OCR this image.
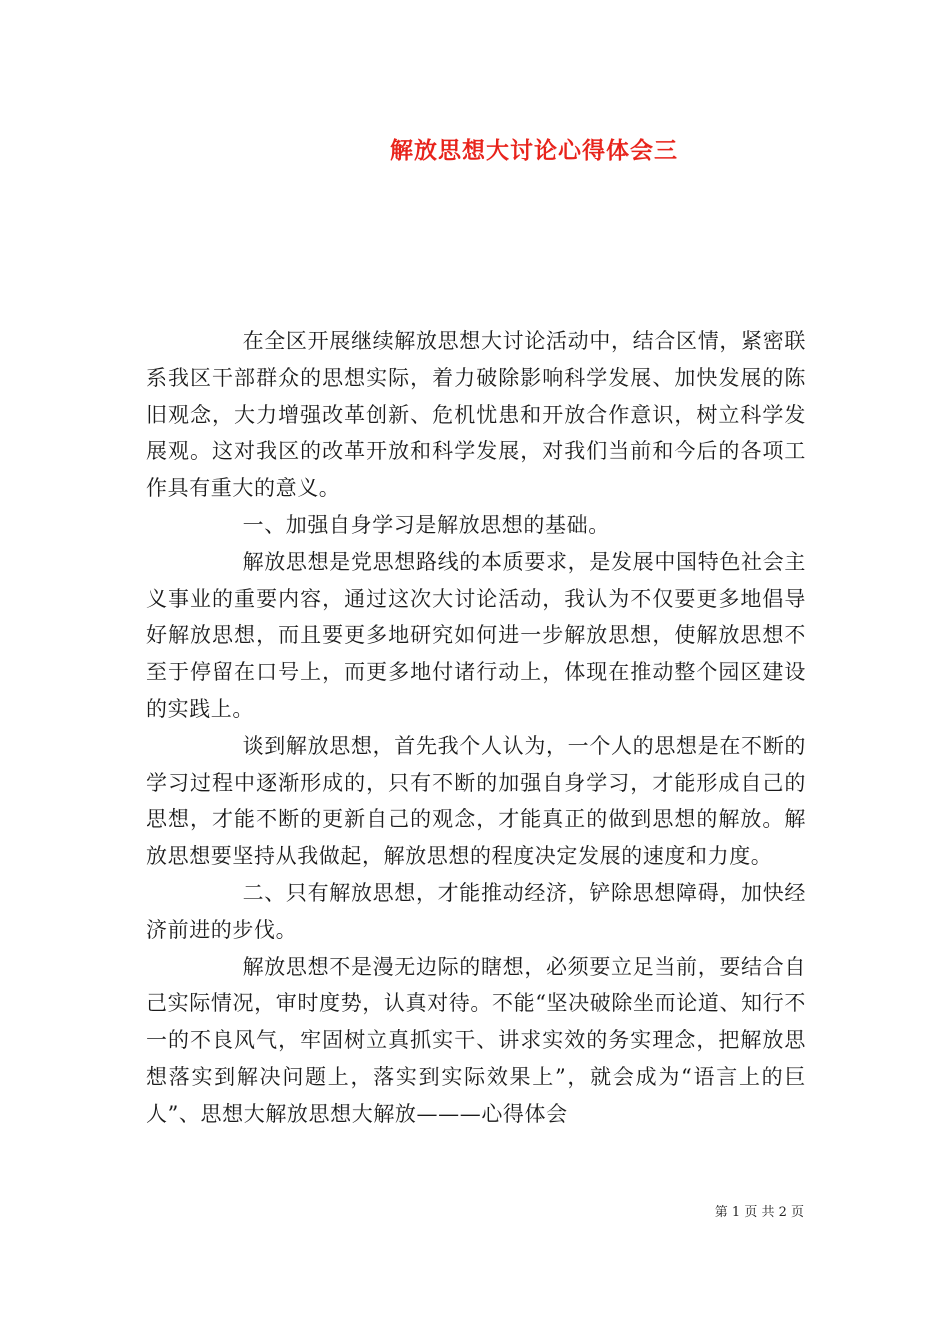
解放思想大讨论心得体会三

在全区开展继续解放思想大讨论活动中，结合区情，紧密联系我区干部群众的思想实际，着力破除影响科学发展、加快发展的陈旧观念，大力增强改革创新、危机忧患和开放合作意识，树立科学发展观。这对我区的改革开放和科学发展，对我们当前和今后的各项工作具有重大的意义。

一、加强自身学习是解放思想的基础。

解放思想是党思想路线的本质要求，是发展中国特色社会主义事业的重要内容，通过这次大讨论活动，我认为不仅要更多地倡导好解放思想，而且要更多地研究如何进一步解放思想，使解放思想不至于停留在口号上，而更多地付诸行动上，体现在推动整个园区建设的实践上。

谈到解放思想，首先我个人认为，一个人的思想是在不断的学习过程中逐渐形成的，只有不断的加强自身学习，才能形成自己的思想，才能不断的更新自己的观念，才能真正的做到思想的解放。解放思想要坚持从我做起，解放思想的程度决定发展的速度和力度。

二、只有解放思想，才能推动经济，铲除思想障碍，加快经济前进的步伐。

解放思想不是漫无边际的瞎想，必须要立足当前，要结合自己实际情况，审时度势，认真对待。不能“坚决破除坐而论道、知行不一的不良风气，牢固树立真抓实干、讲求实效的务实理念，把解放思想落实到解决问题上，落实到实际效果上”，就会成为“语言上的巨人”、思想大解放思想大解放———心得体会

第 1 页 共 2 页
